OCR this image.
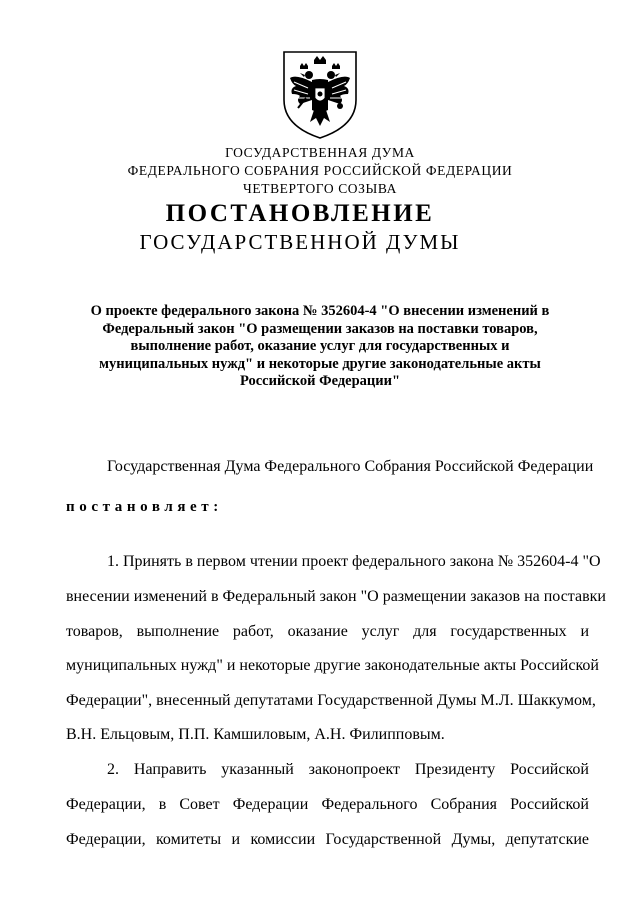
ГОСУДАРСТВЕННАЯ ДУМА
ФЕДЕРАЛЬНОГО СОБРАНИЯ РОССИЙСКОЙ ФЕДЕРАЦИИ
ЧЕТВЕРТОГО СОЗЫВА
ПОСТАНОВЛЕНИЕ
ГОСУДАРСТВЕННОЙ ДУМЫ
О проекте федерального закона № 352604-4 "О внесении изменений в
Федеральный закон "О размещении заказов на поставки товаров,
выполнение работ, оказание услуг для государственных и
муниципальных нужд" и некоторые другие законодательные акты
Российской Федерации"
Государственная Дума Федерального Собрания Российской Федерации
постановляет:
1. Принять в первом чтении проект федерального закона № 352604-4 "О
внесении изменений в Федеральный закон "О размещении заказов на поставки
товаров, выполнение работ, оказание услуг для государственных и
муниципальных нужд" и некоторые другие законодательные акты Российской
Федерации", внесенный депутатами Государственной Думы М.Л. Шаккумом,
В.Н. Ельцовым, П.П. Камшиловым, А.Н. Филипповым.
2. Направить указанный законопроект Президенту Российской
Федерации, в Совет Федерации Федерального Собрания Российской
Федерации, комитеты и комиссии Государственной Думы, депутатские
